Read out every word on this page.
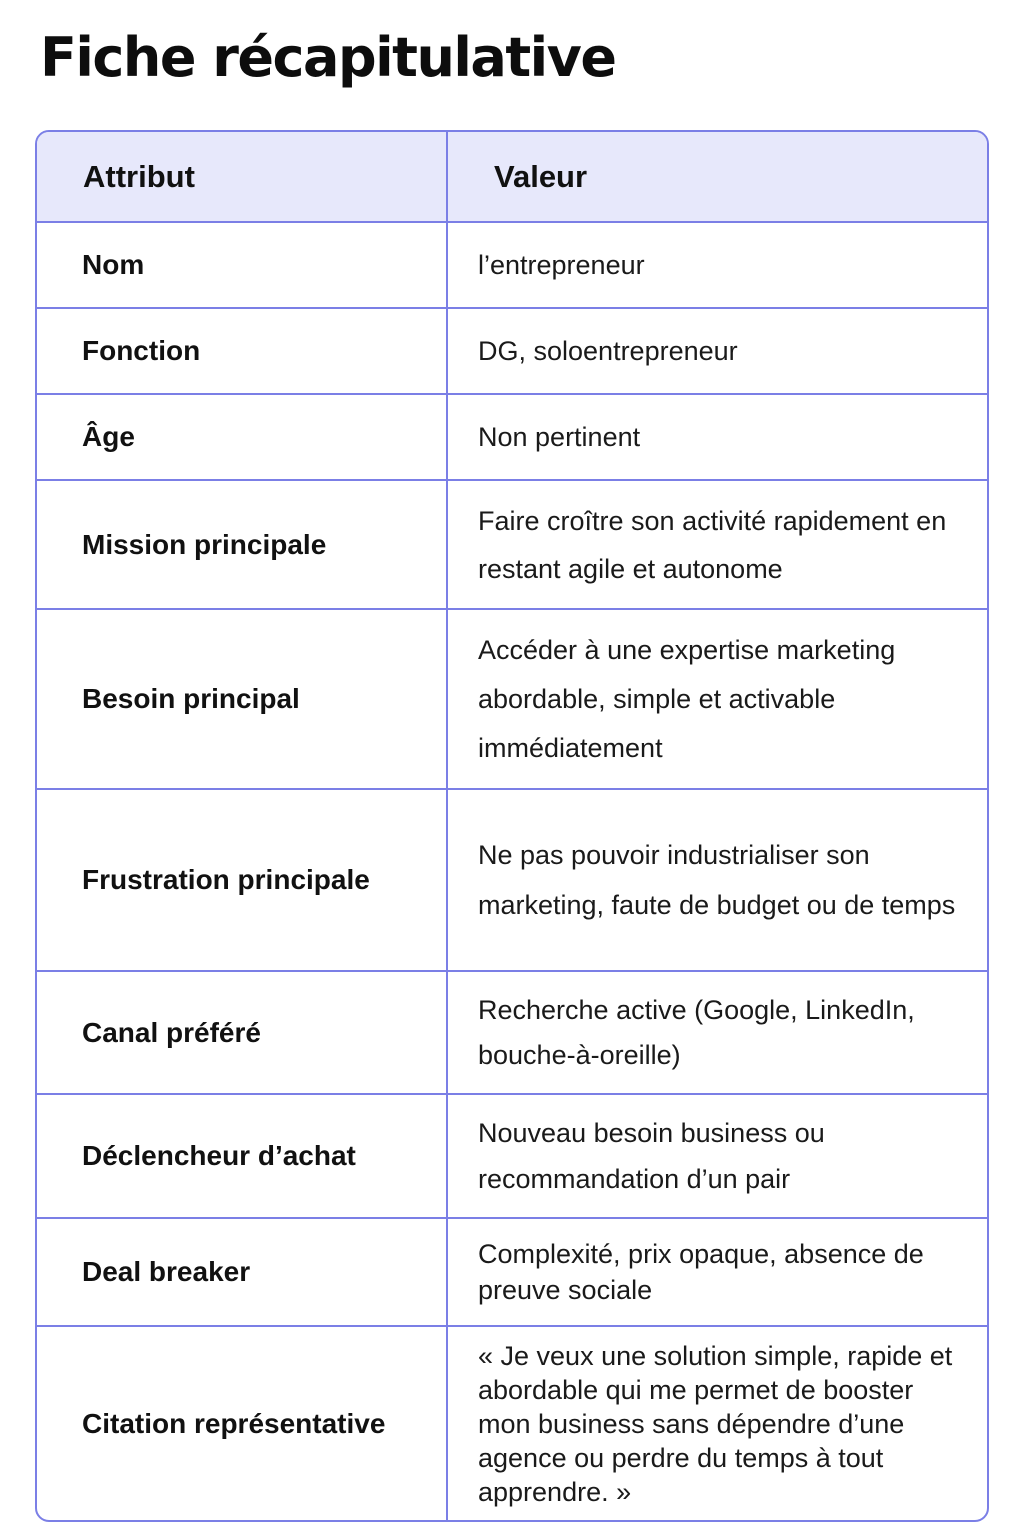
Fiche récapitulative
Attribut	Valeur
Nom	l’entrepreneur
Fonction	DG, soloentrepreneur
Âge	Non pertinent
Mission principale	Faire croître son activité rapidement en restant agile et autonome
Besoin principal	Accéder à une expertise marketing abordable, simple et activable immédiatement
Frustration principale	Ne pas pouvoir industrialiser son marketing, faute de budget ou de temps
Canal préféré	Recherche active (Google, LinkedIn, bouche-à-oreille)
Déclencheur d’achat	Nouveau besoin business ou recommandation d’un pair
Deal breaker	Complexité, prix opaque, absence de preuve sociale
Citation représentative	« Je veux une solution simple, rapide et abordable qui me permet de booster mon business sans dépendre d’une agence ou perdre du temps à tout apprendre. »
